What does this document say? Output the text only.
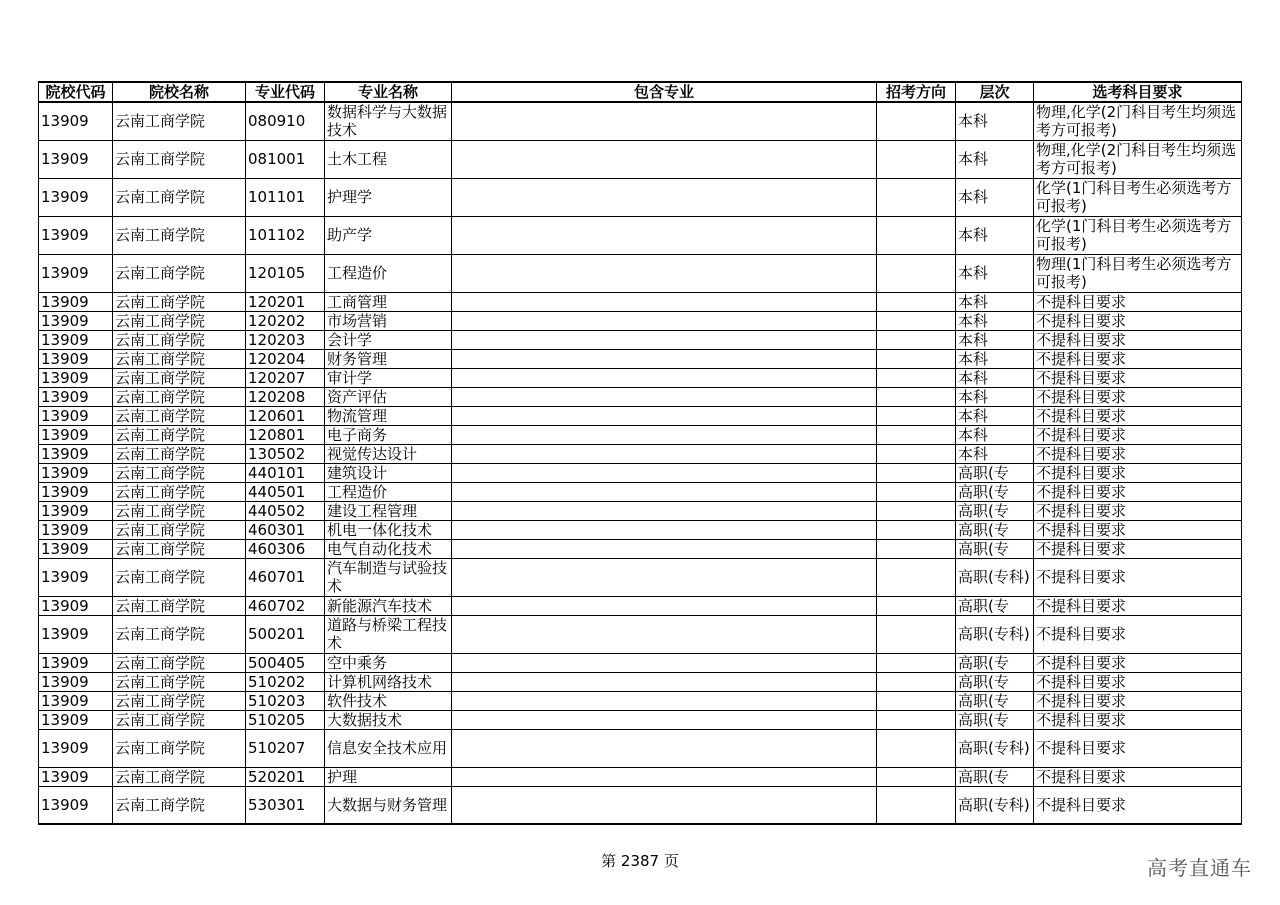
院校代码	院校名称	专业代码	专业名称	包含专业	招考方向	层次	选考科目要求
13909	云南工商学院	080910	数据科学与大数据技术			本科	物理,化学(2门科目考生均须选考方可报考)
13909	云南工商学院	081001	土木工程			本科	物理,化学(2门科目考生均须选考方可报考)
13909	云南工商学院	101101	护理学			本科	化学(1门科目考生必须选考方可报考)
13909	云南工商学院	101102	助产学			本科	化学(1门科目考生必须选考方可报考)
13909	云南工商学院	120105	工程造价			本科	物理(1门科目考生必须选考方可报考)
13909	云南工商学院	120201	工商管理			本科	不提科目要求
13909	云南工商学院	120202	市场营销			本科	不提科目要求
13909	云南工商学院	120203	会计学			本科	不提科目要求
13909	云南工商学院	120204	财务管理			本科	不提科目要求
13909	云南工商学院	120207	审计学			本科	不提科目要求
13909	云南工商学院	120208	资产评估			本科	不提科目要求
13909	云南工商学院	120601	物流管理			本科	不提科目要求
13909	云南工商学院	120801	电子商务			本科	不提科目要求
13909	云南工商学院	130502	视觉传达设计			本科	不提科目要求
13909	云南工商学院	440101	建筑设计			高职(专	不提科目要求
13909	云南工商学院	440501	工程造价			高职(专	不提科目要求
13909	云南工商学院	440502	建设工程管理			高职(专	不提科目要求
13909	云南工商学院	460301	机电一体化技术			高职(专	不提科目要求
13909	云南工商学院	460306	电气自动化技术			高职(专	不提科目要求
13909	云南工商学院	460701	汽车制造与试验技术			高职(专科)	不提科目要求
13909	云南工商学院	460702	新能源汽车技术			高职(专	不提科目要求
13909	云南工商学院	500201	道路与桥梁工程技术			高职(专科)	不提科目要求
13909	云南工商学院	500405	空中乘务			高职(专	不提科目要求
13909	云南工商学院	510202	计算机网络技术			高职(专	不提科目要求
13909	云南工商学院	510203	软件技术			高职(专	不提科目要求
13909	云南工商学院	510205	大数据技术			高职(专	不提科目要求
13909	云南工商学院	510207	信息安全技术应用			高职(专科)	不提科目要求
13909	云南工商学院	520201	护理			高职(专	不提科目要求
13909	云南工商学院	530301	大数据与财务管理			高职(专科)	不提科目要求
第 2387 页	高考直通车
